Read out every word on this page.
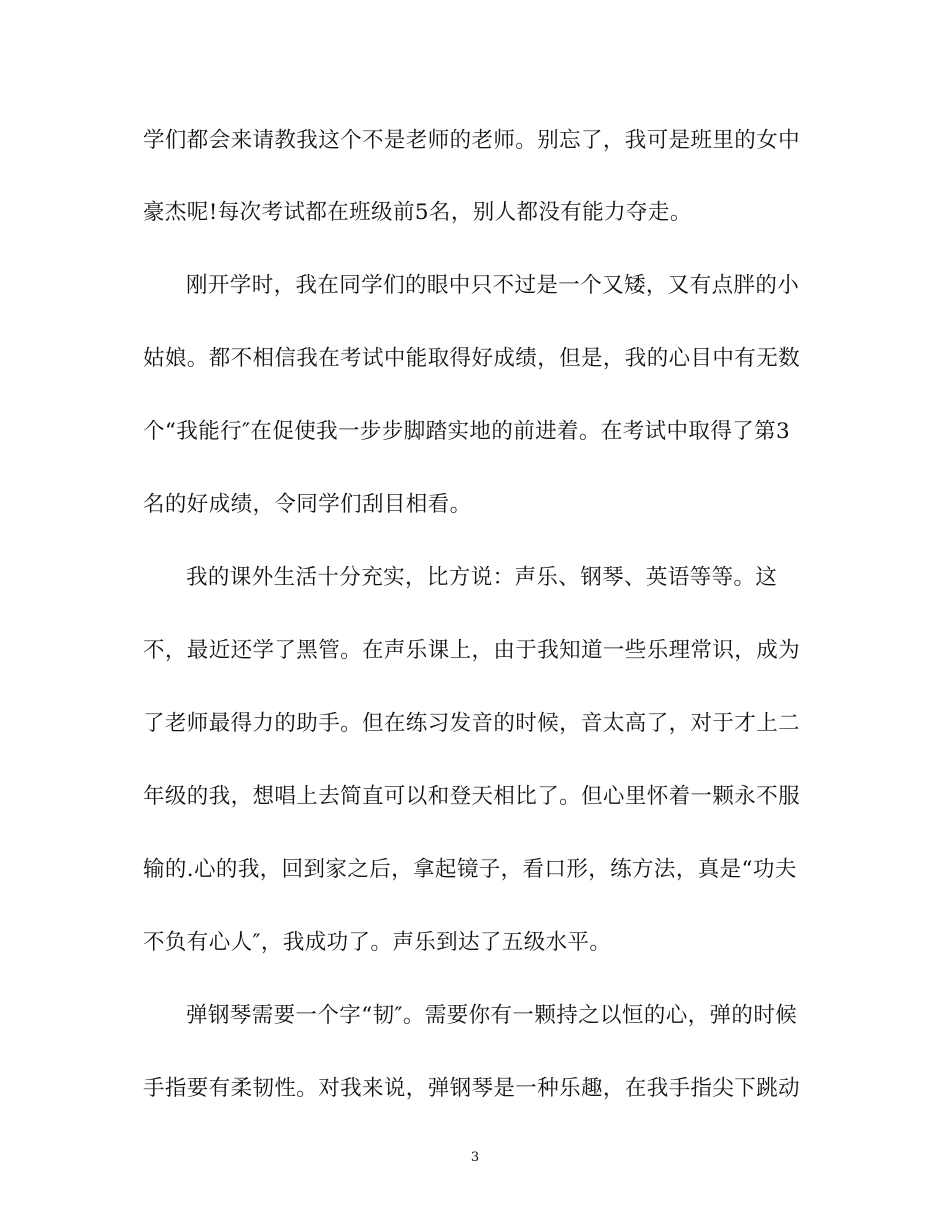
学们都会来请教我这个不是老师的老师。别忘了，我可是班里的女中
豪杰呢!每次考试都在班级前5名，别人都没有能力夺走。
刚开学时，我在同学们的眼中只不过是一个又矮，又有点胖的小
姑娘。都不相信我在考试中能取得好成绩，但是，我的心目中有无数
个“我能行″在促使我一步步脚踏实地的前进着。在考试中取得了第3
名的好成绩，令同学们刮目相看。
我的课外生活十分充实，比方说：声乐、钢琴、英语等等。这
不，最近还学了黑管。在声乐课上，由于我知道一些乐理常识，成为
了老师最得力的助手。但在练习发音的时候，音太高了，对于才上二
年级的我，想唱上去简直可以和登天相比了。但心里怀着一颗永不服
输的.心的我，回到家之后，拿起镜子，看口形，练方法，真是“功夫
不负有心人″，我成功了。声乐到达了五级水平。
弹钢琴需要一个字“韧″。需要你有一颗持之以恒的心，弹的时候
手指要有柔韧性。对我来说，弹钢琴是一种乐趣，在我手指尖下跳动
3
